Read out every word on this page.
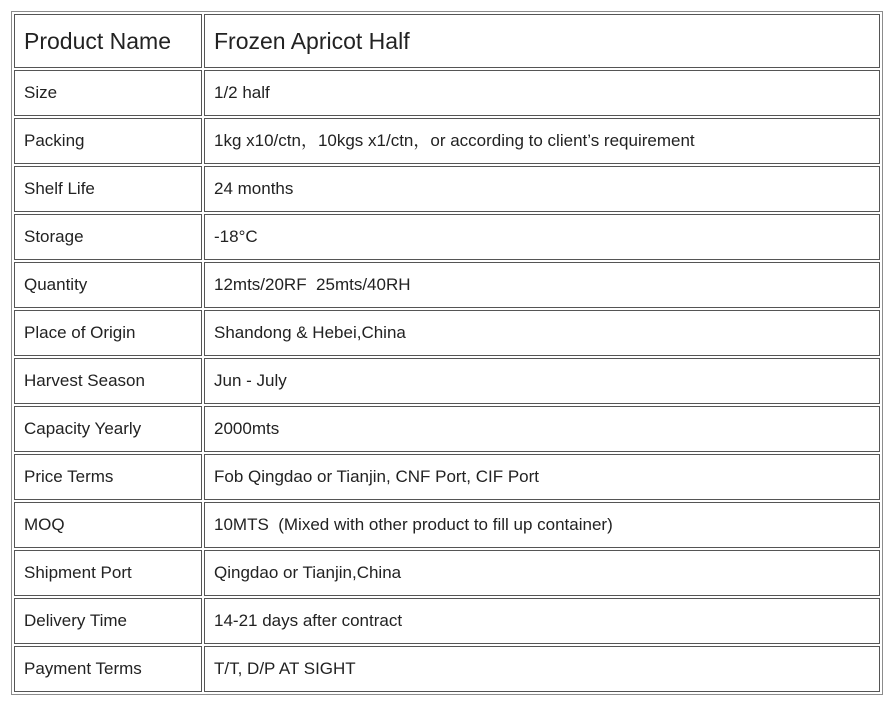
Product Name	Frozen Apricot Half
Size	1/2 half
Packing	1kg x10/ctn，10kgs x1/ctn，or according to client’s requirement
Shelf Life	24 months
Storage	-18°C
Quantity	12mts/20RF  25mts/40RH
Place of Origin	Shandong & Hebei,China
Harvest Season	Jun - July
Capacity Yearly	2000mts
Price Terms	Fob Qingdao or Tianjin, CNF Port, CIF Port
MOQ	10MTS  (Mixed with other product to fill up container)
Shipment Port	Qingdao or Tianjin,China
Delivery Time	14-21 days after contract
Payment Terms	T/T, D/P AT SIGHT
